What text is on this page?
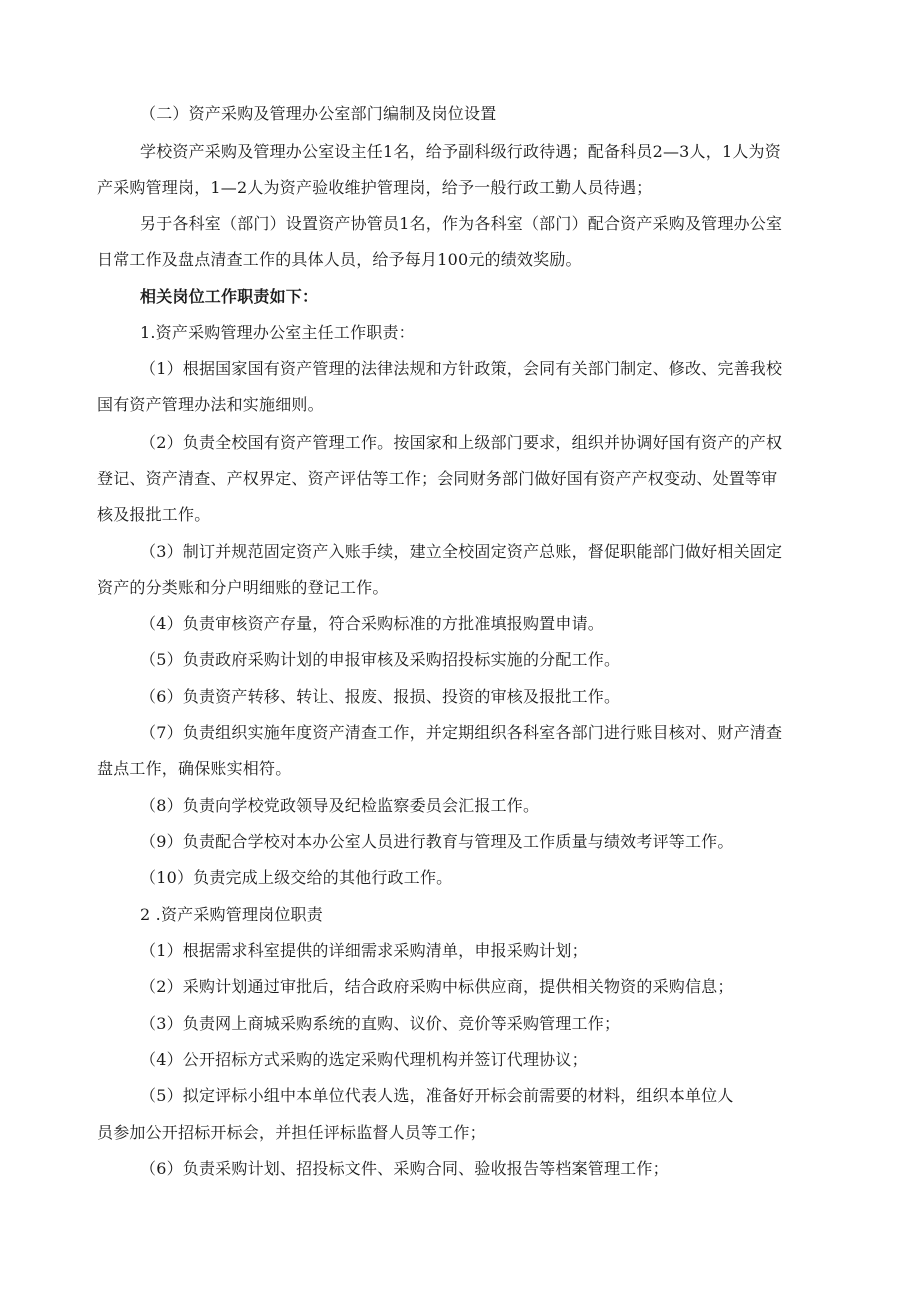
（二）资产采购及管理办公室部门编制及岗位设置

学校资产采购及管理办公室设主任1名，给予副科级行政待遇；配备科员2—3人，1人为资

产采购管理岗，1—2人为资产验收维护管理岗，给予一般行政工勤人员待遇；

另于各科室（部门）设置资产协管员1名，作为各科室（部门）配合资产采购及管理办公室

日常工作及盘点清查工作的具体人员，给予每月100元的绩效奖励。

相关岗位工作职责如下：

1.资产采购管理办公室主任工作职责：

（1）根据国家国有资产管理的法律法规和方针政策，会同有关部门制定、修改、完善我校

国有资产管理办法和实施细则。

（2）负责全校国有资产管理工作。按国家和上级部门要求，组织并协调好国有资产的产权

登记、资产清查、产权界定、资产评估等工作；会同财务部门做好国有资产产权变动、处置等审

核及报批工作。

（3）制订并规范固定资产入账手续，建立全校固定资产总账，督促职能部门做好相关固定

资产的分类账和分户明细账的登记工作。

（4）负责审核资产存量，符合采购标准的方批准填报购置申请。

（5）负责政府采购计划的申报审核及采购招投标实施的分配工作。

（6）负责资产转移、转让、报废、报损、投资的审核及报批工作。

（7）负责组织实施年度资产清查工作，并定期组织各科室各部门进行账目核对、财产清查

盘点工作，确保账实相符。

（8）负责向学校党政领导及纪检监察委员会汇报工作。

（9）负责配合学校对本办公室人员进行教育与管理及工作质量与绩效考评等工作。

（10）负责完成上级交给的其他行政工作。

2 .资产采购管理岗位职责

（1）根据需求科室提供的详细需求采购清单，申报采购计划；

（2）采购计划通过审批后，结合政府采购中标供应商，提供相关物资的采购信息；

（3）负责网上商城采购系统的直购、议价、竞价等采购管理工作；

（4）公开招标方式采购的选定采购代理机构并签订代理协议；

（5）拟定评标小组中本单位代表人选，准备好开标会前需要的材料，组织本单位人

员参加公开招标开标会，并担任评标监督人员等工作；

（6）负责采购计划、招投标文件、采购合同、验收报告等档案管理工作；
